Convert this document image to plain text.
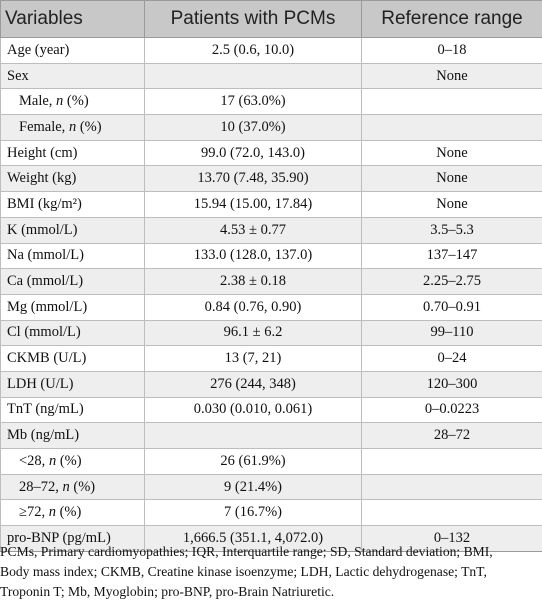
Variables	Patients with PCMs	Reference range
Age (year)	2.5 (0.6, 10.0)	0–18
Sex		None
Male, n (%)	17 (63.0%)	
Female, n (%)	10 (37.0%)	
Height (cm)	99.0 (72.0, 143.0)	None
Weight (kg)	13.70 (7.48, 35.90)	None
BMI (kg/m²)	15.94 (15.00, 17.84)	None
K (mmol/L)	4.53 ± 0.77	3.5–5.3
Na (mmol/L)	133.0 (128.0, 137.0)	137–147
Ca (mmol/L)	2.38 ± 0.18	2.25–2.75
Mg (mmol/L)	0.84 (0.76, 0.90)	0.70–0.91
Cl (mmol/L)	96.1 ± 6.2	99–110
CKMB (U/L)	13 (7, 21)	0–24
LDH (U/L)	276 (244, 348)	120–300
TnT (ng/mL)	0.030 (0.010, 0.061)	0–0.0223
Mb (ng/mL)		28–72
<28, n (%)	26 (61.9%)	
28–72, n (%)	9 (21.4%)	
≥72, n (%)	7 (16.7%)	
pro-BNP (pg/mL)	1,666.5 (351.1, 4,072.0)	0–132
PCMs, Primary cardiomyopathies; IQR, Interquartile range; SD, Standard deviation; BMI,
Body mass index; CKMB, Creatine kinase isoenzyme; LDH, Lactic dehydrogenase; TnT,
Troponin T; Mb, Myoglobin; pro-BNP, pro-Brain Natriuretic.
